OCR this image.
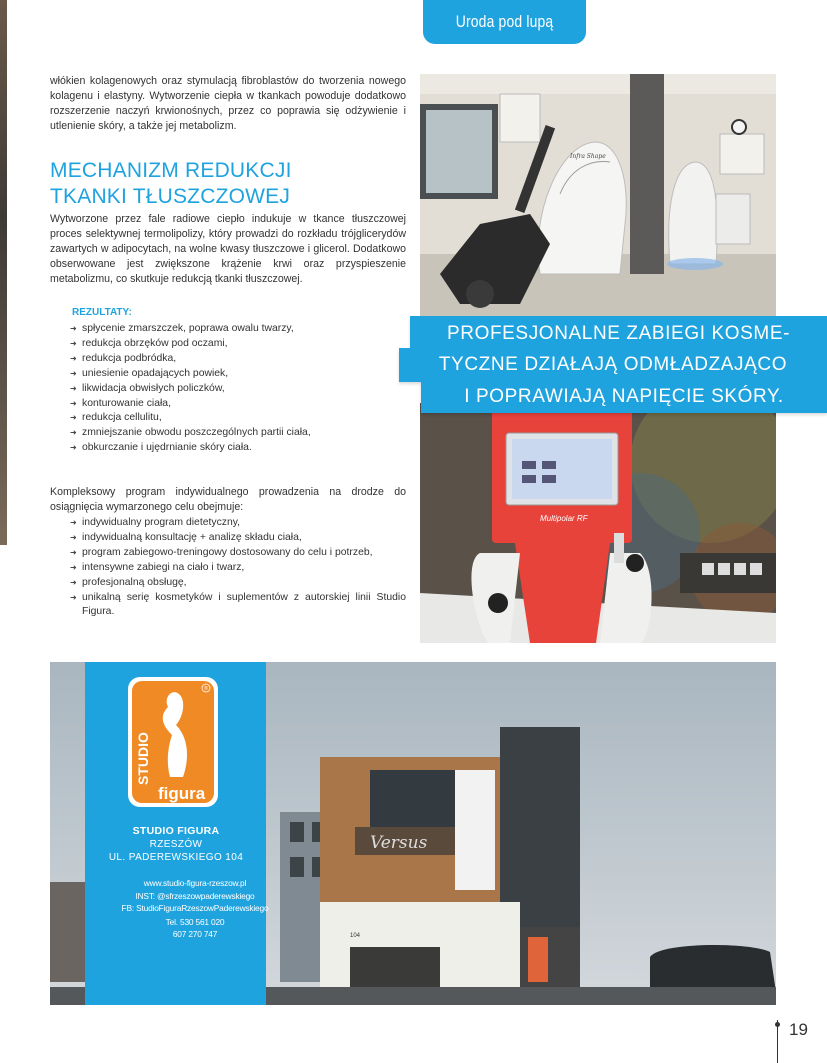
Uroda pod lupą

włókien kolagenowych oraz stymulacją fibroblastów do tworzenia nowego kolagenu i elastyny. Wytworzenie ciepła w tkankach powoduje dodatkowo rozszerzenie naczyń krwionośnych, przez co poprawia się odżywienie i utlenienie skóry, a także jej metabolizm.

MECHANIZM REDUKCJI
TKANKI TŁUSZCZOWEJ

Wytworzone przez fale radiowe ciepło indukuje w tkance tłuszczowej proces selektywnej termolipolizy, który prowadzi do rozkładu trójglicerydów zawartych w adipocytach, na wolne kwasy tłuszczowe i glicerol. Dodatkowo obserwowane jest zwiększone krążenie krwi oraz przyspieszenie metabolizmu, co skutkuje redukcją tkanki tłuszczowej.

REZULTATY:
➜ spłycenie zmarszczek, poprawa owalu twarzy,
➜ redukcja obrzęków pod oczami,
➜ redukcja podbródka,
➜ uniesienie opadających powiek,
➜ likwidacja obwisłych policzków,
➜ konturowanie ciała,
➜ redukcja cellulitu,
➜ zmniejszanie obwodu poszczególnych partii ciała,
➜ obkurczanie i ujędrnianie skóry ciała.

Kompleksowy program indywidualnego prowadzenia na drodze do osiągnięcia wymarzonego celu obejmuje:

➜ indywidualny program dietetyczny,
➜ indywidualną konsultację + analizę składu ciała,
➜ program zabiegowo-treningowy dostosowany do celu i potrzeb,
➜ intensywne zabiegi na ciało i twarz,
➜ profesjonalną obsługę,
➜ unikalną serię kosmetyków i suplementów z autorskiej linii Studio Figura.
Infra Shape
Multipolar RF
PROFESJONALNE ZABIEGI KOSME-
TYCZNE DZIAŁAJĄ ODMŁADZAJĄCO
I POPRAWIAJĄ NAPIĘCIE SKÓRY.
Versus
104
®
STUDIO
figura
STUDIO FIGURA
RZESZÓW
UL. PADEREWSKIEGO 104
www.studio-figura-rzeszow.pl
INST: @sfrzeszowpaderewskiego
FB: StudioFiguraRzeszowPaderewskiego
Tel. 530 561 020
607 270 747
19
